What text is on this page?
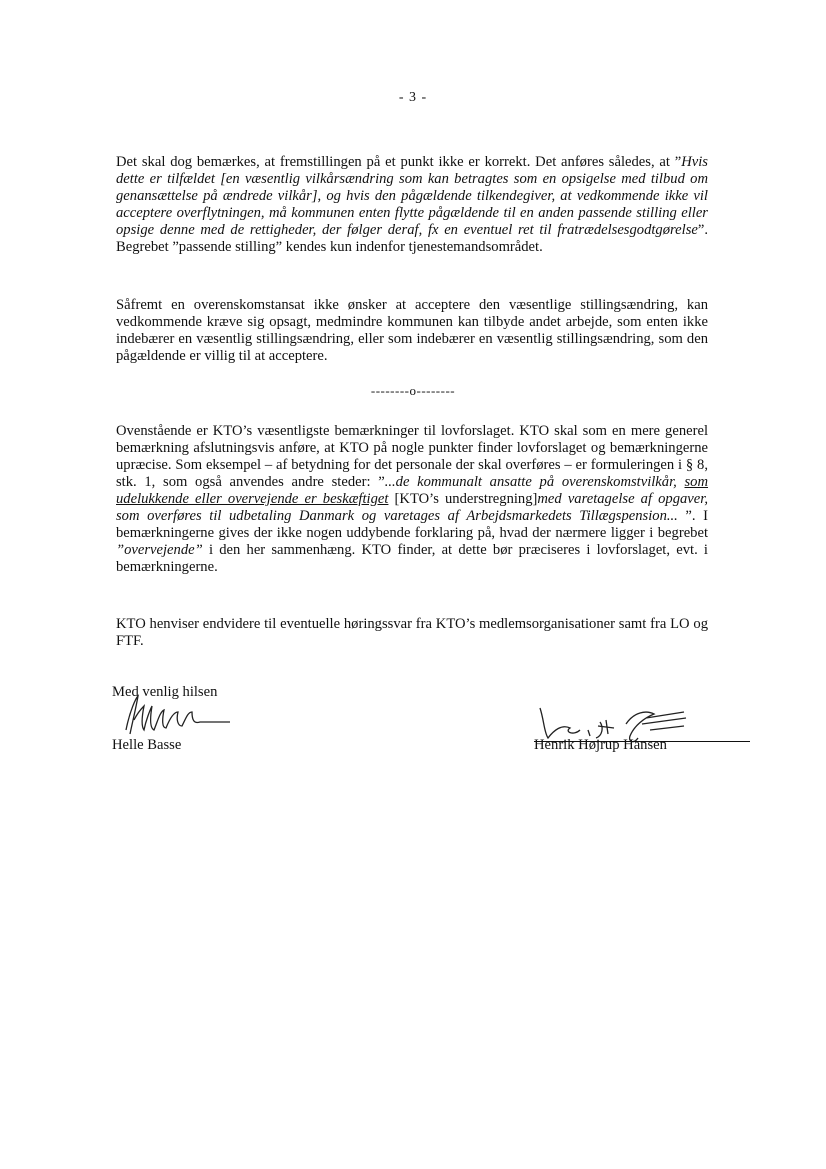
- 3 -

Det skal dog bemærkes, at fremstillingen på et punkt ikke er korrekt. Det anføres således, at ”Hvis dette er tilfældet [en væsentlig vilkårsændring som kan betragtes som en opsigelse med tilbud om genansættelse på ændrede vilkår], og hvis den pågældende tilkendegiver, at vedkommende ikke vil acceptere overflytningen, må kommunen enten flytte pågældende til en anden passende stilling eller opsige denne med de rettigheder, der følger deraf, fx en eventuel ret til fratrædelsesgodtgørelse”. Begrebet ”passende stilling” kendes kun indenfor tjenestemandsområdet.

Såfremt en overenskomstansat ikke ønsker at acceptere den væsentlige stillingsændring, kan vedkommende kræve sig opsagt, medmindre kommunen kan tilbyde andet arbejde, som enten ikke indebærer en væsentlig stillingsændring, eller som indebærer en væsentlig stillingsændring, som den pågældende er villig til at acceptere.

--------o--------

Ovenstående er KTO’s væsentligste bemærkninger til lovforslaget. KTO skal som en mere generel bemærkning afslutningsvis anføre, at KTO på nogle punkter finder lovforslaget og bemærkningerne upræcise. Som eksempel – af betydning for det personale der skal overføres – er formuleringen i § 8, stk. 1, som også anvendes andre steder: ”...de kommunalt ansatte på overenskomstvilkår, som udelukkende eller overvejende er beskæftiget [KTO’s understregning]med varetagelse af opgaver, som overføres til udbetaling Danmark og varetages af Arbejdsmarkedets Tillægspension... ”. I bemærkningerne gives der ikke nogen uddybende forklaring på, hvad der nærmere ligger i begrebet ”overvejende” i den her sammenhæng. KTO finder, at dette bør præciseres i lovforslaget, evt. i bemærkningerne.

KTO henviser endvidere til eventuelle høringssvar fra KTO’s medlemsorganisationer samt fra LO og FTF.

Med venlig hilsen
Helle Basse	Henrik Højrup Hansen
